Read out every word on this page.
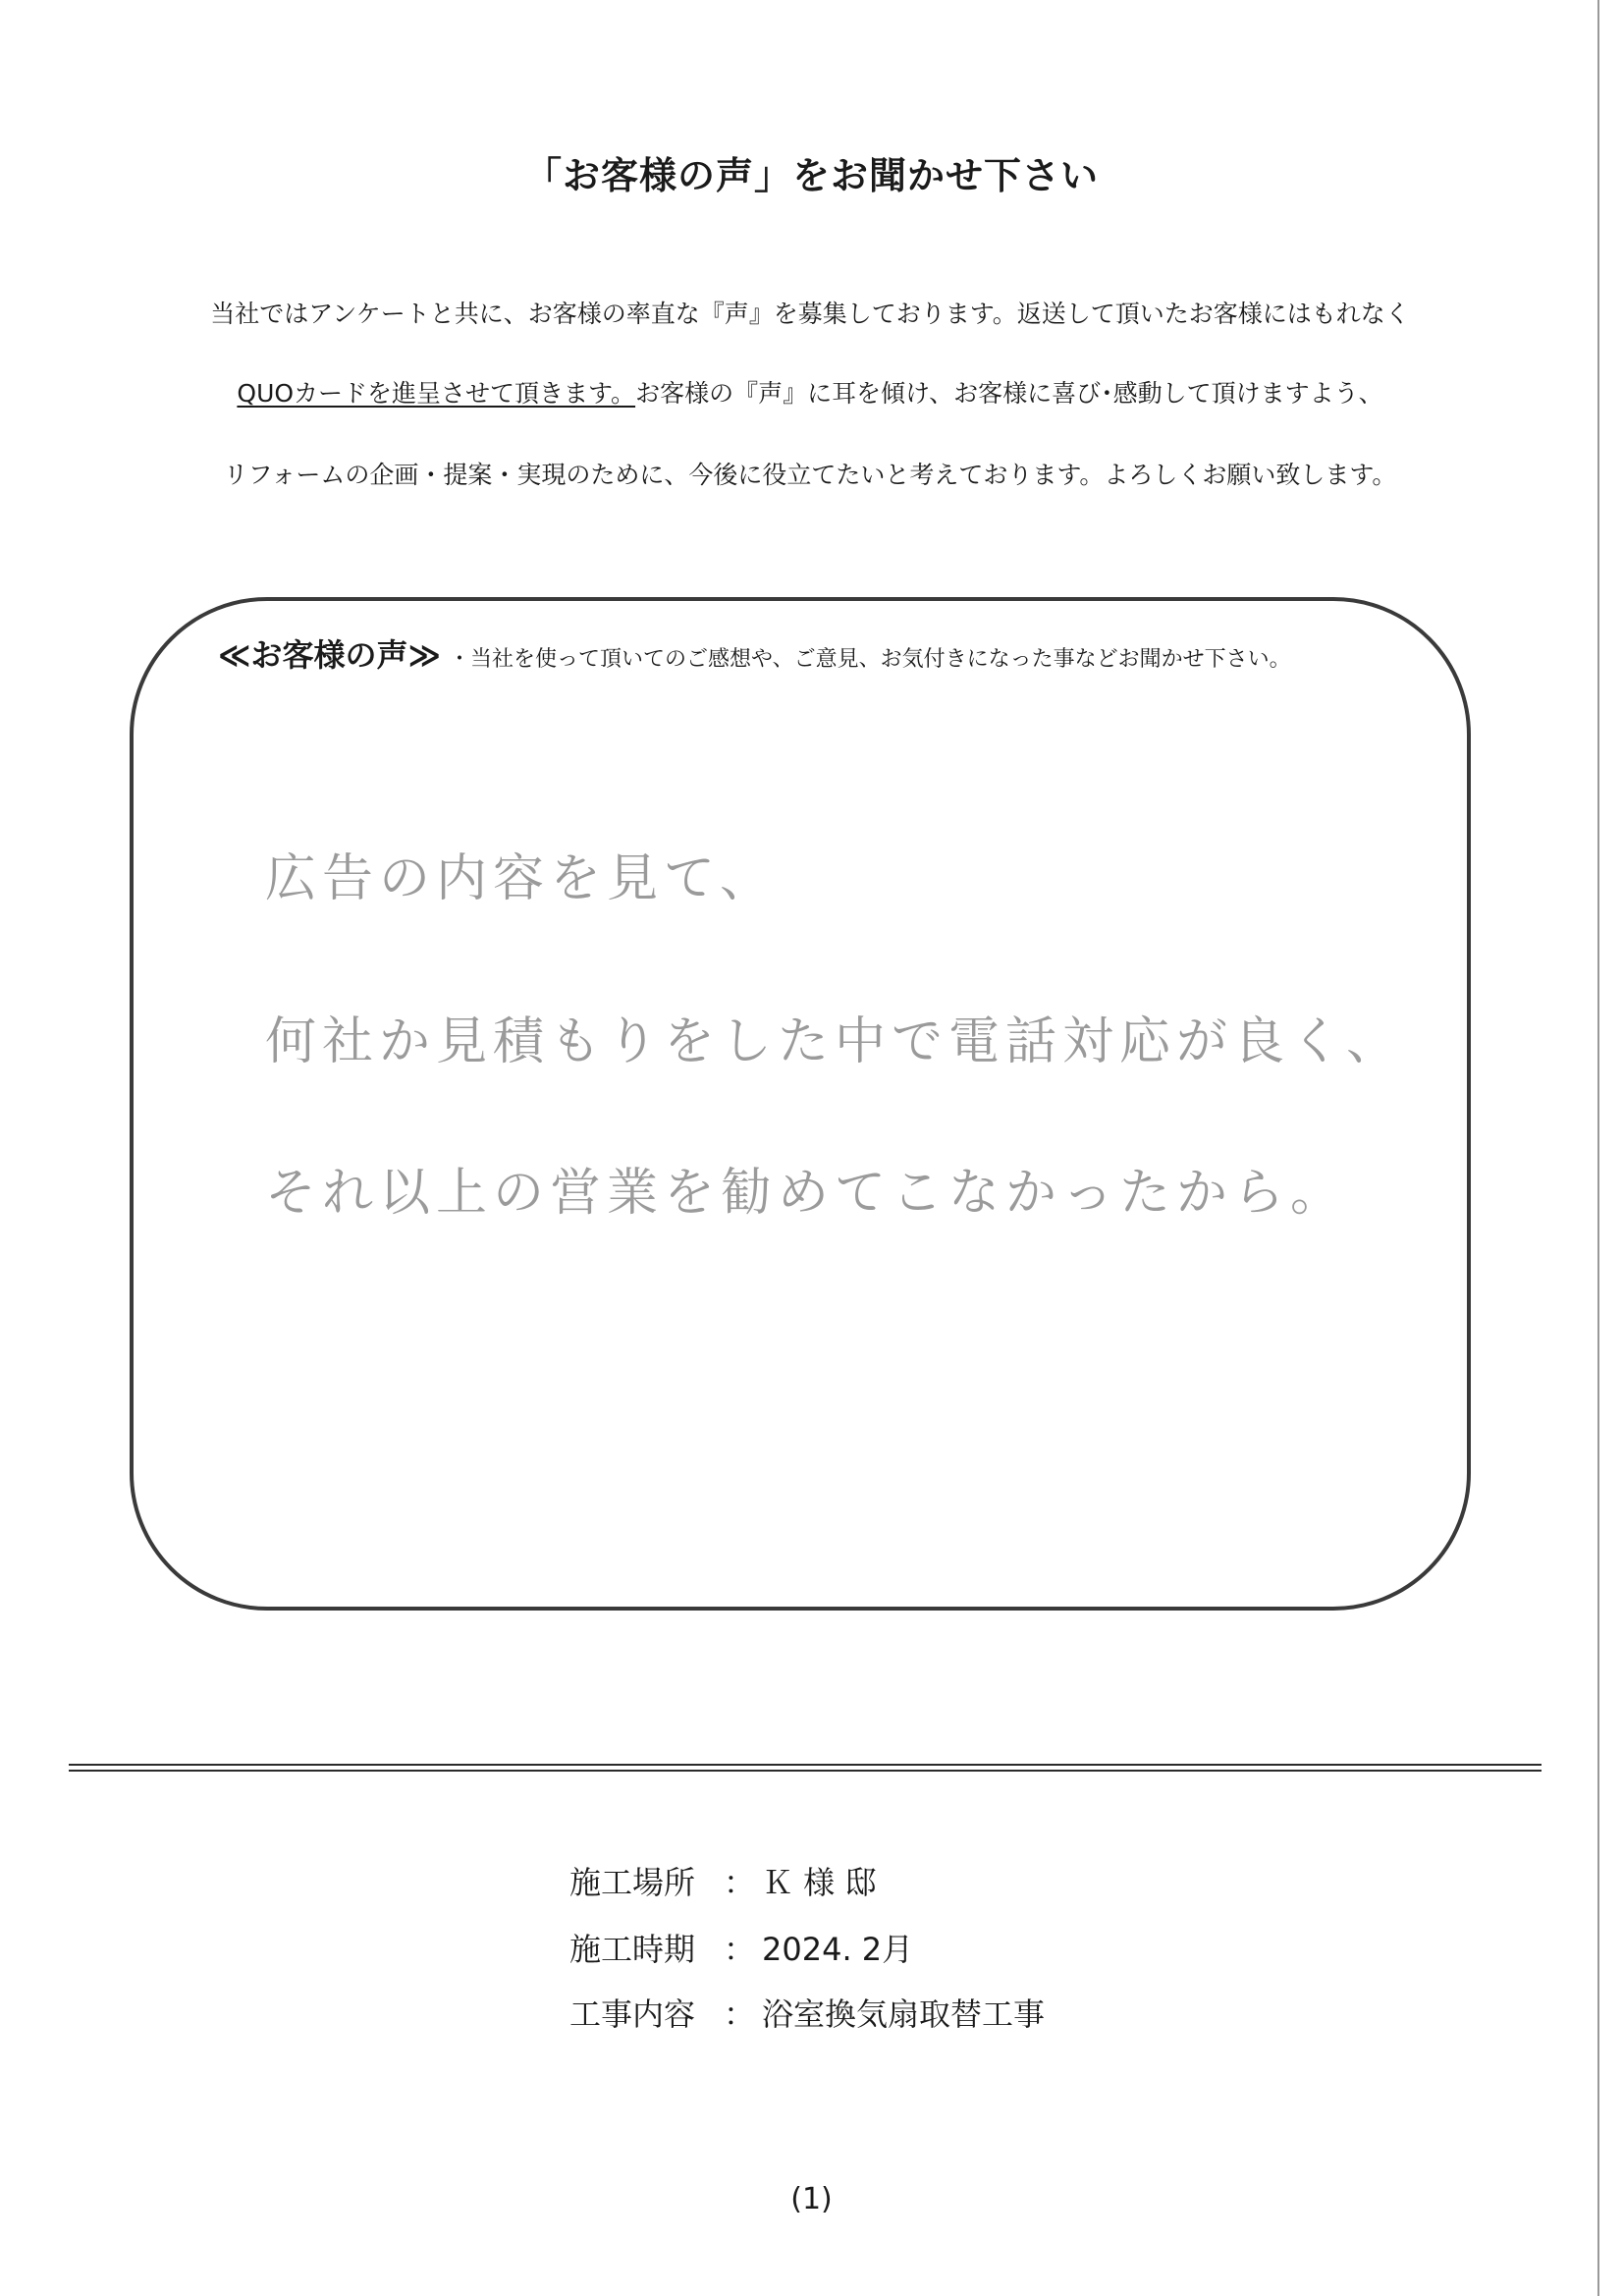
「お客様の声」をお聞かせ下さい
当社ではアンケートと共に、お客様の率直な『声』を募集しております。返送して頂いたお客様にはもれなく
QUOカードを進呈させて頂きます。お客様の『声』に耳を傾け、お客様に喜び･感動して頂けますよう、
リフォームの企画・提案・実現のために、今後に役立てたいと考えております。よろしくお願い致します。
≪お客様の声≫ ・当社を使って頂いてのご感想や、ご意見、お気付きになった事などお聞かせ下さい。
広告の内容を見て、
何社か見積もりをした中で電話対応が良く、
それ以上の営業を勧めてこなかったから。
施工場所 ： Ｋ 様 邸
施工時期 ： 2024. 2月
工事内容 ： 浴室換気扇取替工事
(1)
